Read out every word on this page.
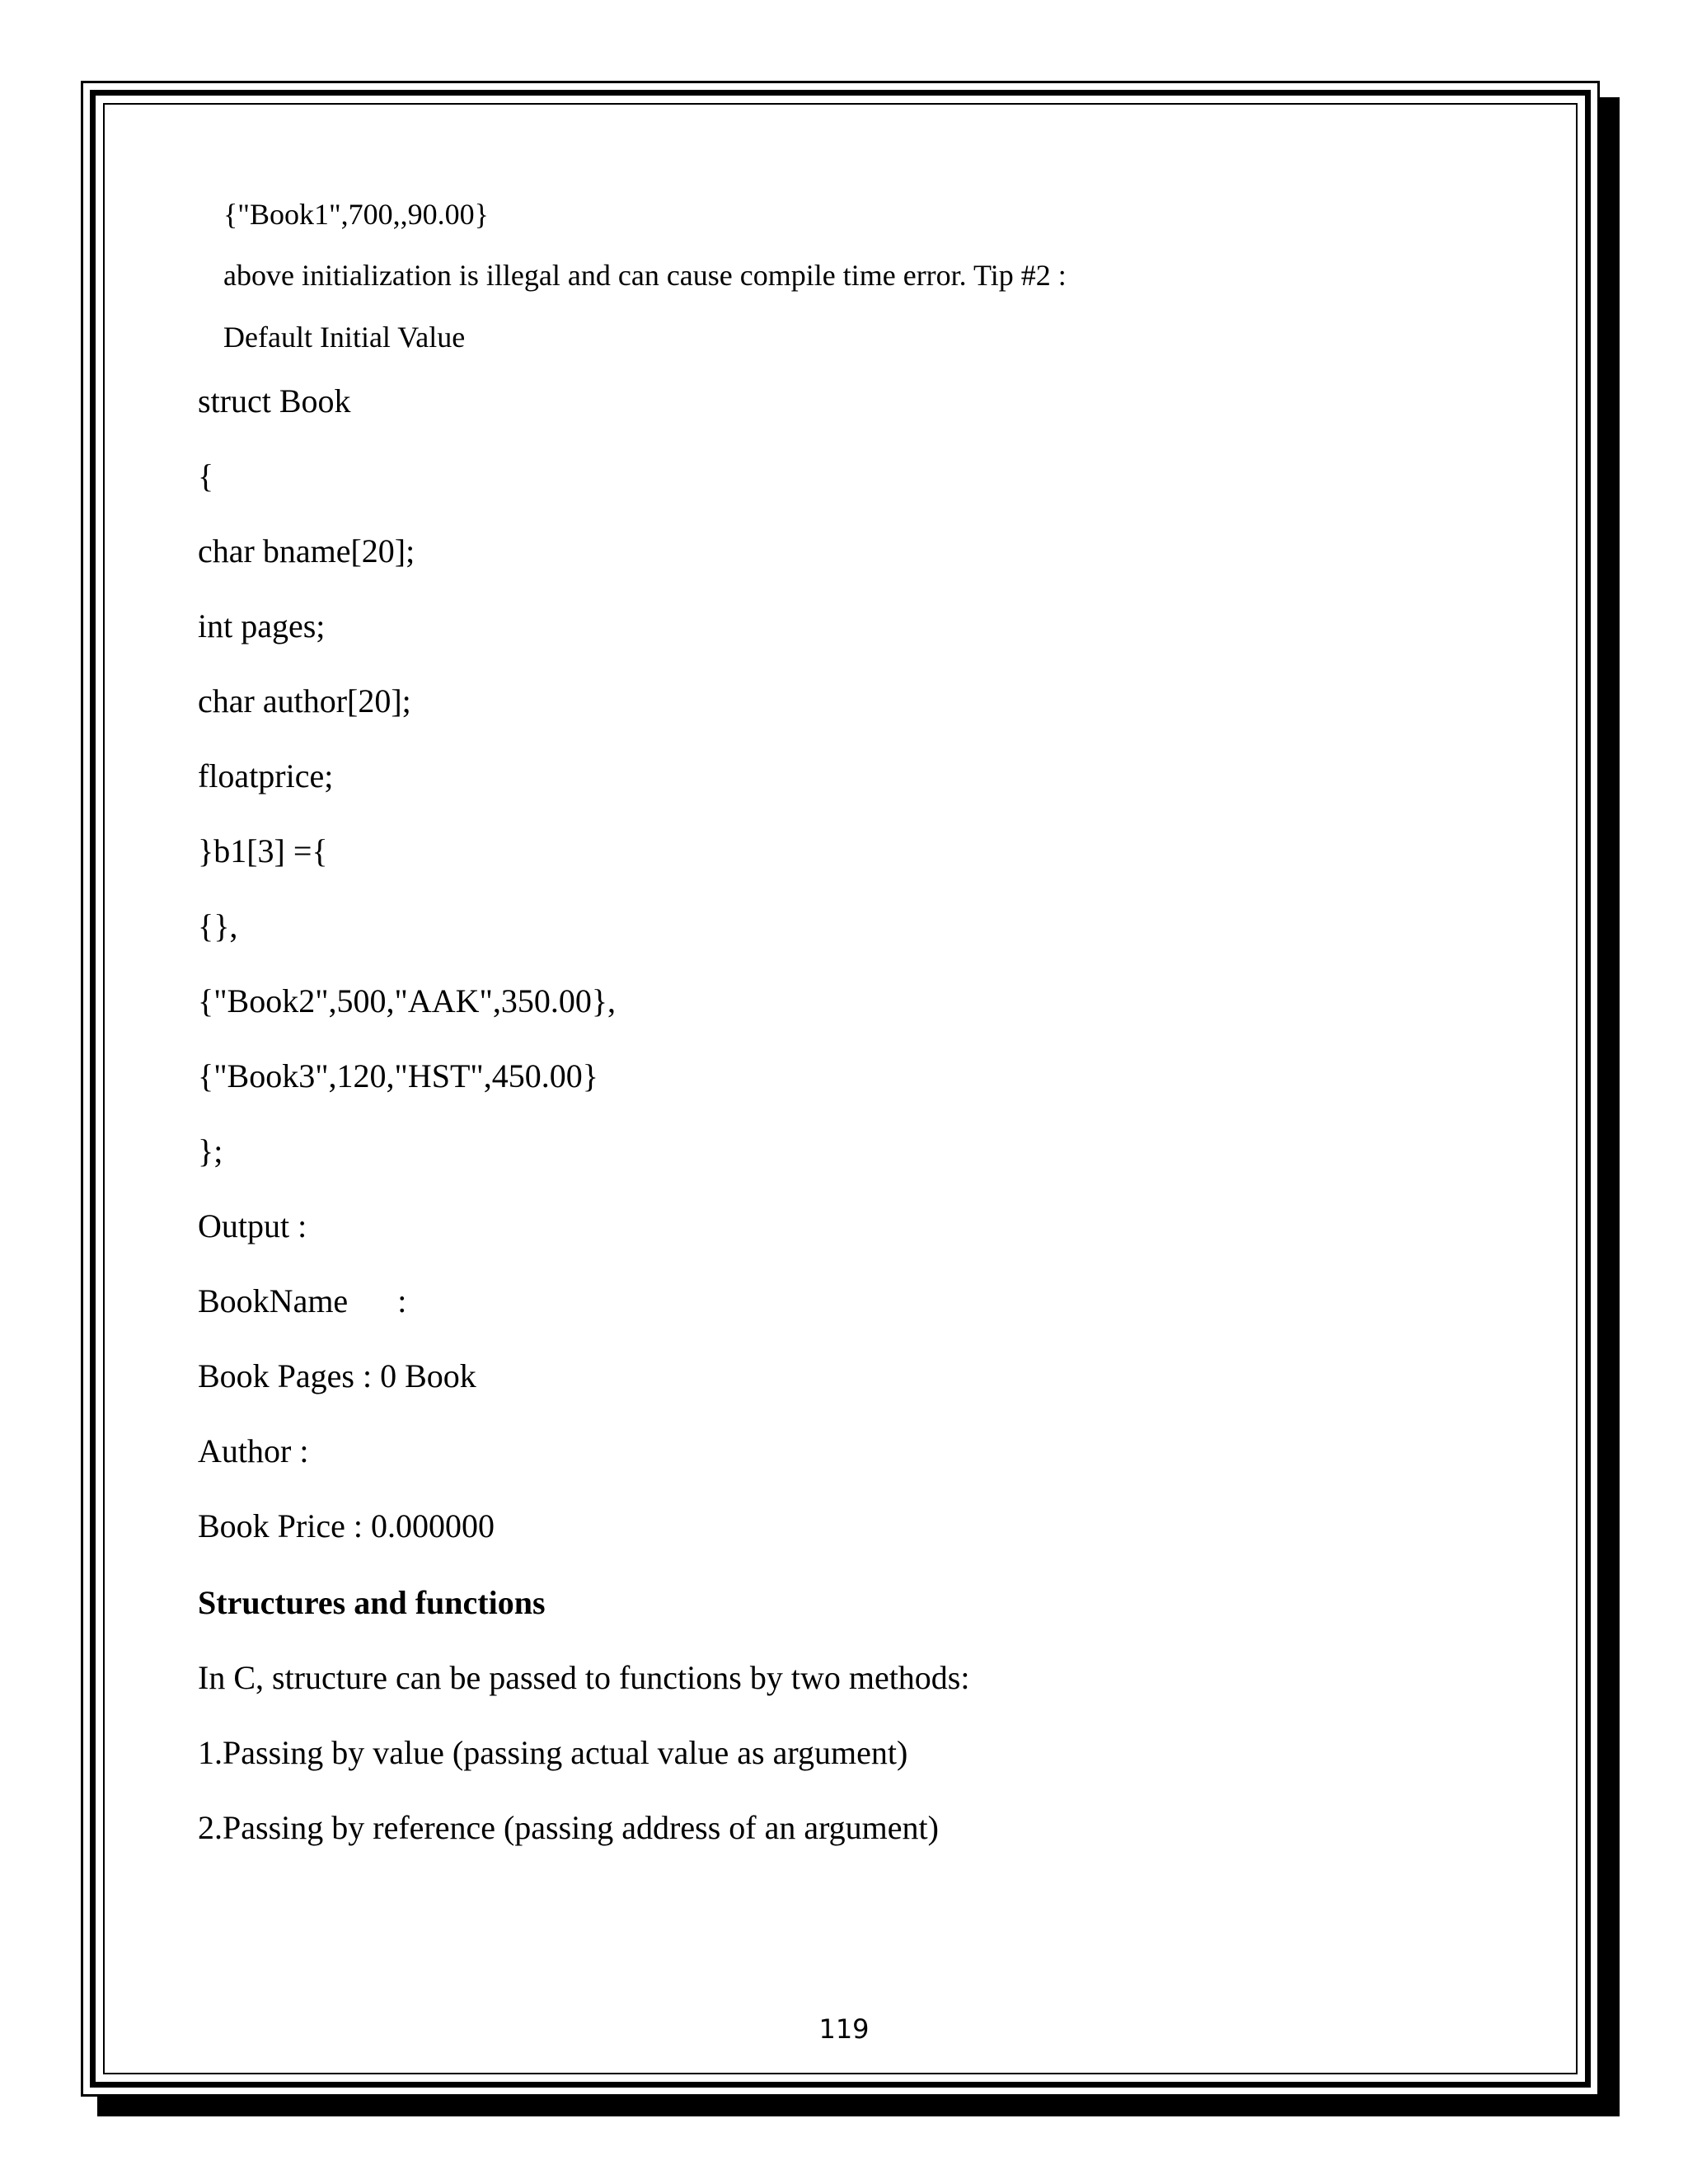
{"Book1",700,,90.00}
above initialization is illegal and can cause compile time error. Tip #2 :
Default Initial Value
struct Book
{
char bname[20];
int pages;
char author[20];
floatprice;
}b1[3] ={
{},
{"Book2",500,"AAK",350.00},
{"Book3",120,"HST",450.00}
};
Output :
BookName      :
Book Pages : 0 Book
Author :
Book Price : 0.000000
Structures and functions
In C, structure can be passed to functions by two methods:
1.Passing by value (passing actual value as argument)
2.Passing by reference (passing address of an argument)
119
